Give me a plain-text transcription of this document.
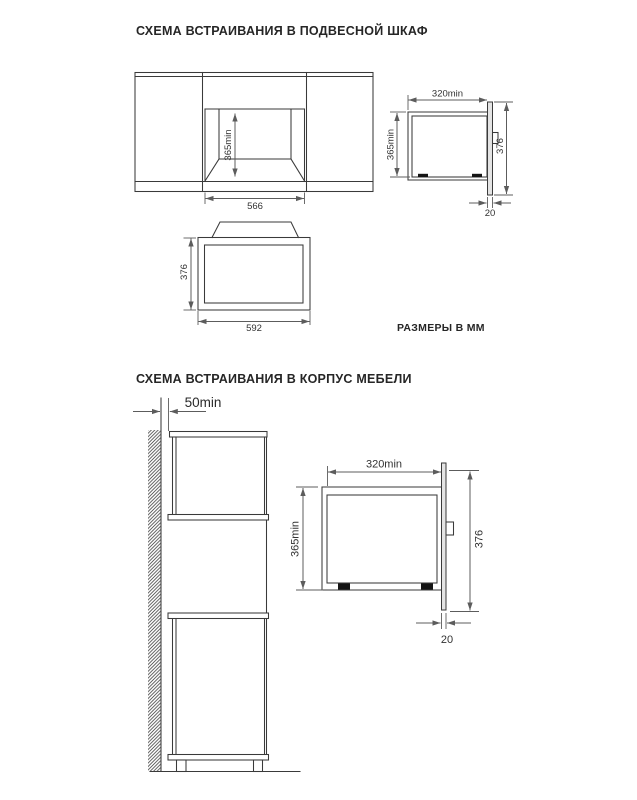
СХЕМА ВСТРАИВАНИЯ В ПОДВЕСНОЙ ШКАФ
СХЕМА ВСТРАИВАНИЯ В КОРПУС МЕБЕЛИ
РАЗМЕРЫ В ММ
365min
566
376
592
320min
365min	376
20
50min
320min
365min	376
20
